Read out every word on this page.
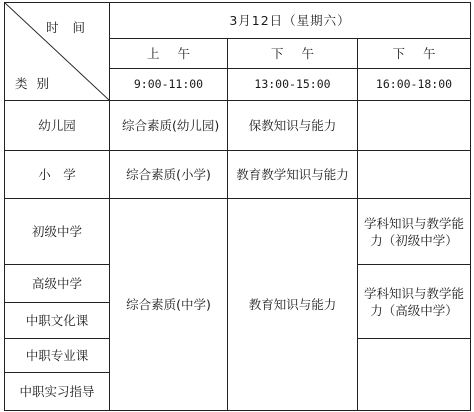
时间
类别	3月12日（星期六）		
	上午	下午	下午
	9:00-11:00	13:00-15:00	16:00-18:00
幼儿园	综合素质(幼儿园)	保教知识与能力	
小　学	综合素质(小学)	教育教学知识与能力	
初级中学	综合素质(中学)	教育知识与能力	学科知识与教学能力（初级中学）
高级中学			学科知识与教学能力（高级中学）
中职文化课			
中职专业课			
中职实习指导			
